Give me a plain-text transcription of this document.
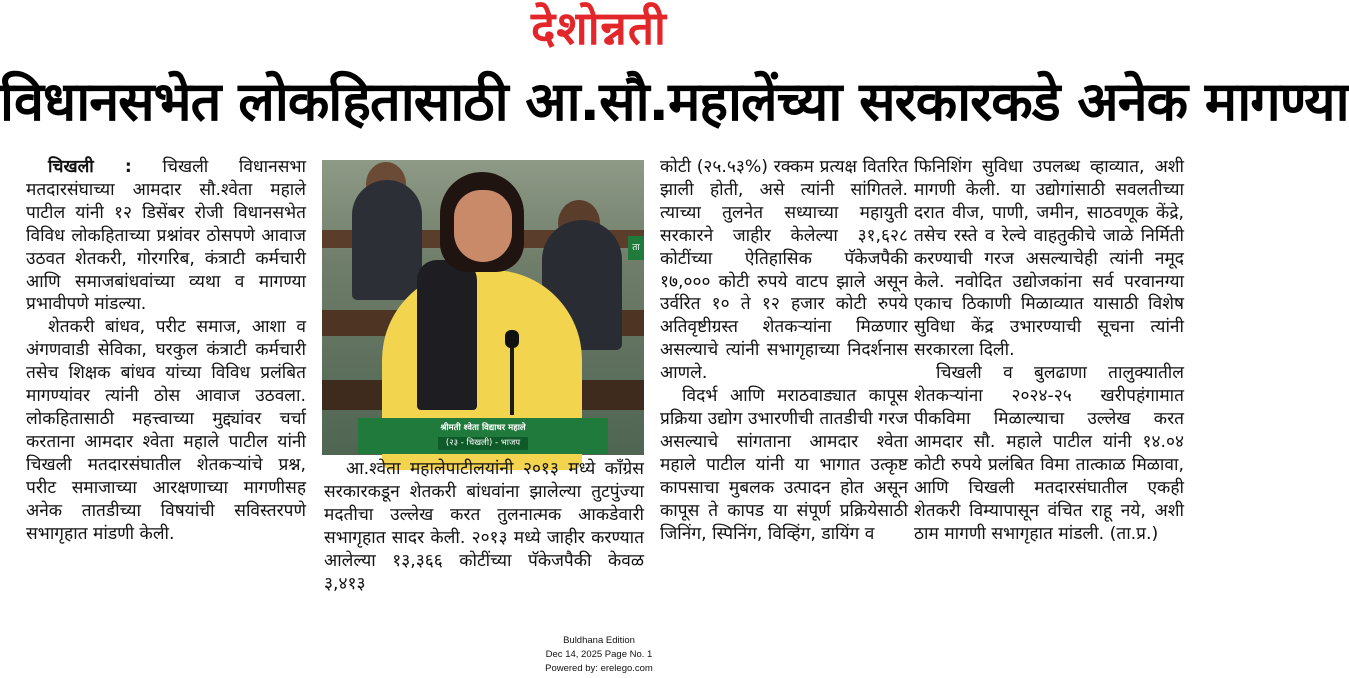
देशोन्नती
विधानसभेत लोकहितासाठी आ.सौ.महालेंच्या सरकारकडे अनेक मागण्या

चिखली : चिखली विधानसभा मतदारसंघाच्या आमदार सौ.श्वेता महाले पाटील यांनी १२ डिसेंबर रोजी विधानसभेत विविध लोकहिताच्या प्रश्नांवर ठोसपणे आवाज उठवत शेतकरी, गोरगरिब, कंत्राटी कर्मचारी आणि समाजबांधवांच्या व्यथा व मागण्या प्रभावीपणे मांडल्या.

शेतकरी बांधव, परीट समाज, आशा व अंगणवाडी सेविका, घरकुल कंत्राटी कर्मचारी तसेच शिक्षक बांधव यांच्या विविध प्रलंबित मागण्यांवर त्यांनी ठोस आवाज उठवला. लोकहितासाठी महत्त्वाच्या मुद्द्यांवर चर्चा करताना आमदार श्वेता महाले पाटील यांनी चिखली मतदारसंघातील शेतकऱ्यांचे प्रश्न, परीट समाजाच्या आरक्षणाच्या मागणीसह अनेक तातडीच्या विषयांची सविस्तरपणे सभागृहात मांडणी केली.

ता
श्रीमती श्वेता विद्याधर महाले
(२३ - चिखली) - भाजप

आ.श्वेता महालेपाटीलयांनी २०१३ मध्ये काँग्रेस सरकारकडून शेतकरी बांधवांना झालेल्या तुटपुंज्या मदतीचा उल्लेख करत तुलनात्मक आकडेवारी सभागृहात सादर केली. २०१३ मध्ये जाहीर करण्यात आलेल्या १३,३६६ कोटींच्या पॅकेजपैकी केवळ ३,४१३

कोटी (२५.५३%) रक्कम प्रत्यक्ष वितरित झाली होती, असे त्यांनी सांगितले. त्याच्या तुलनेत सध्याच्या महायुती सरकारने जाहीर केलेल्या ३१,६२८ कोटींच्या ऐतिहासिक पॅकेजपैकी १७,००० कोटी रुपये वाटप झाले असून उर्वरित १० ते १२ हजार कोटी रुपये अतिवृष्टीग्रस्त शेतकऱ्यांना मिळणार असल्याचे त्यांनी सभागृहाच्या निदर्शनास आणले.

विदर्भ आणि मराठवाड्यात कापूस प्रक्रिया उद्योग उभारणीची तातडीची गरज असल्याचे सांगताना आमदार श्वेता महाले पाटील यांनी या भागात उत्कृष्ट कापसाचा मुबलक उत्पादन होत असून कापूस ते कापड या संपूर्ण प्रक्रियेसाठी जिनिंग, स्पिनिंग, विव्हिंग, डायिंग व

फिनिशिंग सुविधा उपलब्ध व्हाव्यात, अशी मागणी केली. या उद्योगांसाठी सवलतीच्या दरात वीज, पाणी, जमीन, साठवणूक केंद्रे, तसेच रस्ते व रेल्वे वाहतुकीचे जाळे निर्मिती करण्याची गरज असल्याचेही त्यांनी नमूद केले. नवोदित उद्योजकांना सर्व परवानग्या एकाच ठिकाणी मिळाव्यात यासाठी विशेष सुविधा केंद्र उभारण्याची सूचना त्यांनी सरकारला दिली.

चिखली व बुलढाणा तालुक्यातील शेतकऱ्यांना २०२४-२५ खरीपहंगामात पीकविमा मिळाल्याचा उल्लेख करत आमदार सौ. महाले पाटील यांनी १४.०४ कोटी रुपये प्रलंबित विमा तात्काळ मिळावा, आणि चिखली मतदारसंघातील एकही शेतकरी विम्यापासून वंचित राहू नये, अशी ठाम मागणी सभागृहात मांडली. (ता.प्र.)

Buldhana Edition
Dec 14, 2025 Page No. 1
Powered by: erelego.com
